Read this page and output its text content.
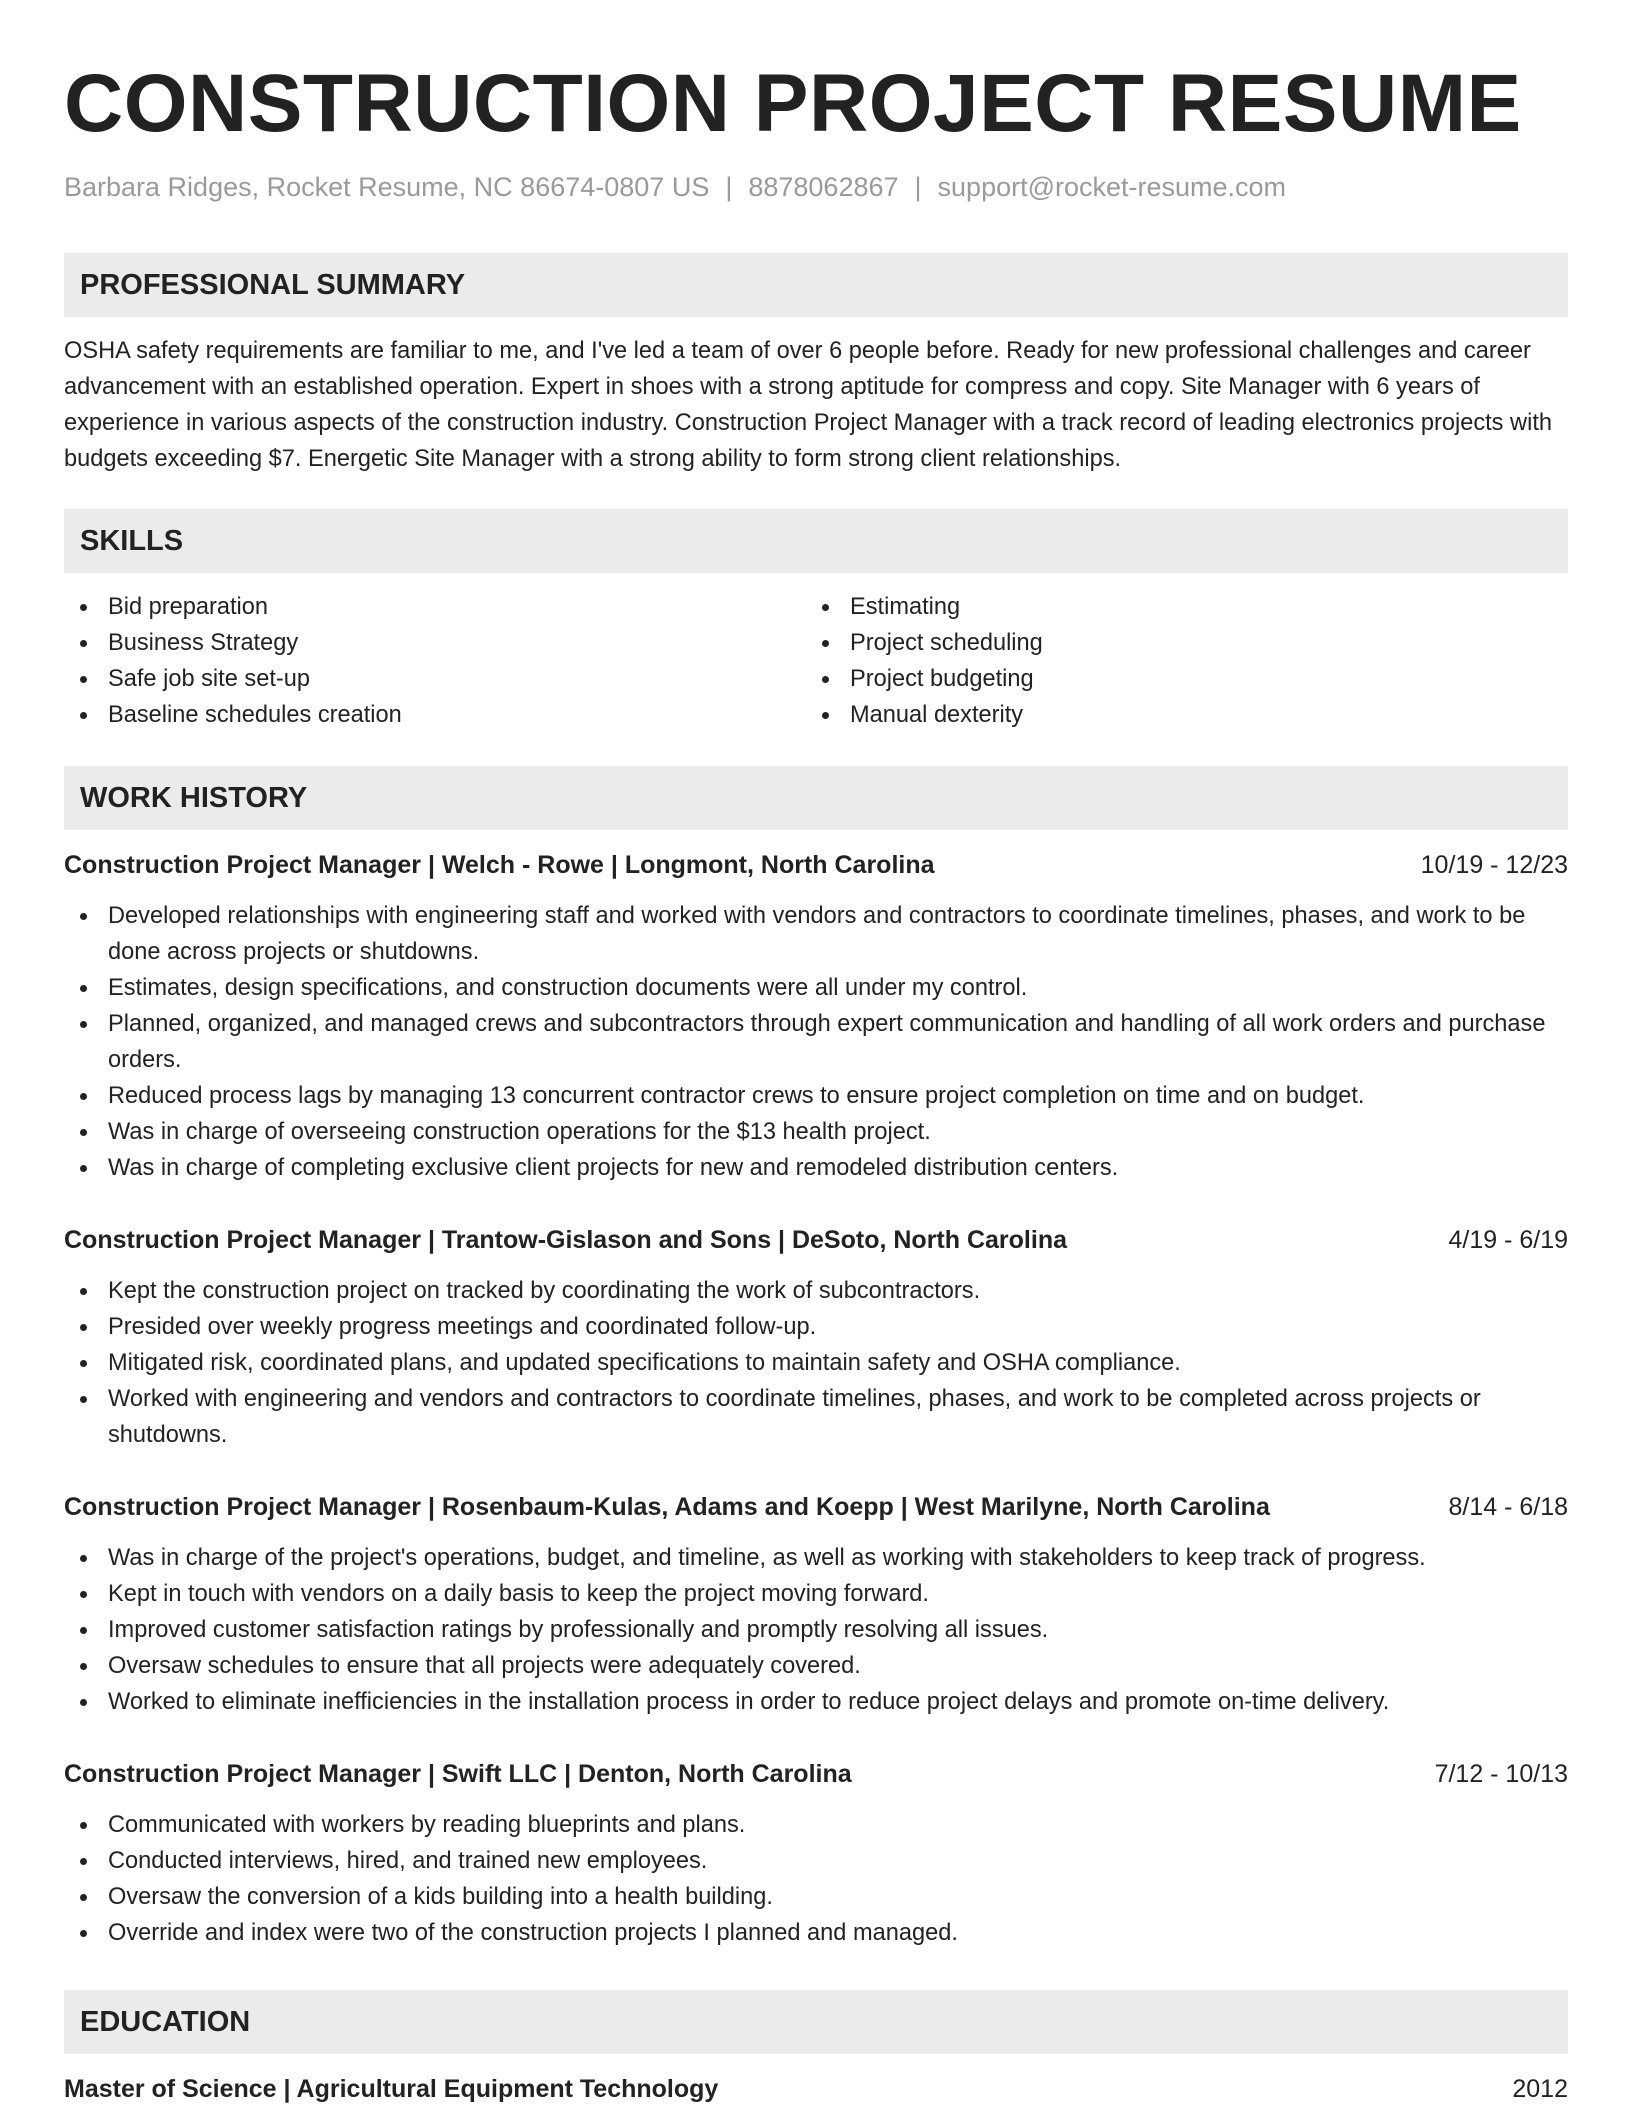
CONSTRUCTION PROJECT RESUME
Barbara Ridges, Rocket Resume, NC 86674-0807 US | 8878062867 | support@rocket-resume.com
PROFESSIONAL SUMMARY
OSHA safety requirements are familiar to me, and I've led a team of over 6 people before. Ready for new professional challenges and career advancement with an established operation. Expert in shoes with a strong aptitude for compress and copy. Site Manager with 6 years of experience in various aspects of the construction industry. Construction Project Manager with a track record of leading electronics projects with budgets exceeding $7. Energetic Site Manager with a strong ability to form strong client relationships.
SKILLS
Bid preparation
Business Strategy
Safe job site set-up
Baseline schedules creation
Estimating
Project scheduling
Project budgeting
Manual dexterity
WORK HISTORY
Construction Project Manager | Welch - Rowe | Longmont, North Carolina	10/19 - 12/23
Developed relationships with engineering staff and worked with vendors and contractors to coordinate timelines, phases, and work to be done across projects or shutdowns.
Estimates, design specifications, and construction documents were all under my control.
Planned, organized, and managed crews and subcontractors through expert communication and handling of all work orders and purchase orders.
Reduced process lags by managing 13 concurrent contractor crews to ensure project completion on time and on budget.
Was in charge of overseeing construction operations for the $13 health project.
Was in charge of completing exclusive client projects for new and remodeled distribution centers.
Construction Project Manager | Trantow-Gislason and Sons | DeSoto, North Carolina	4/19 - 6/19
Kept the construction project on tracked by coordinating the work of subcontractors.
Presided over weekly progress meetings and coordinated follow-up.
Mitigated risk, coordinated plans, and updated specifications to maintain safety and OSHA compliance.
Worked with engineering and vendors and contractors to coordinate timelines, phases, and work to be completed across projects or shutdowns.
Construction Project Manager | Rosenbaum-Kulas, Adams and Koepp | West Marilyne, North Carolina	8/14 - 6/18
Was in charge of the project's operations, budget, and timeline, as well as working with stakeholders to keep track of progress.
Kept in touch with vendors on a daily basis to keep the project moving forward.
Improved customer satisfaction ratings by professionally and promptly resolving all issues.
Oversaw schedules to ensure that all projects were adequately covered.
Worked to eliminate inefficiencies in the installation process in order to reduce project delays and promote on-time delivery.
Construction Project Manager | Swift LLC | Denton, North Carolina	7/12 - 10/13
Communicated with workers by reading blueprints and plans.
Conducted interviews, hired, and trained new employees.
Oversaw the conversion of a kids building into a health building.
Override and index were two of the construction projects I planned and managed.
EDUCATION
Master of Science | Agricultural Equipment Technology	2012
